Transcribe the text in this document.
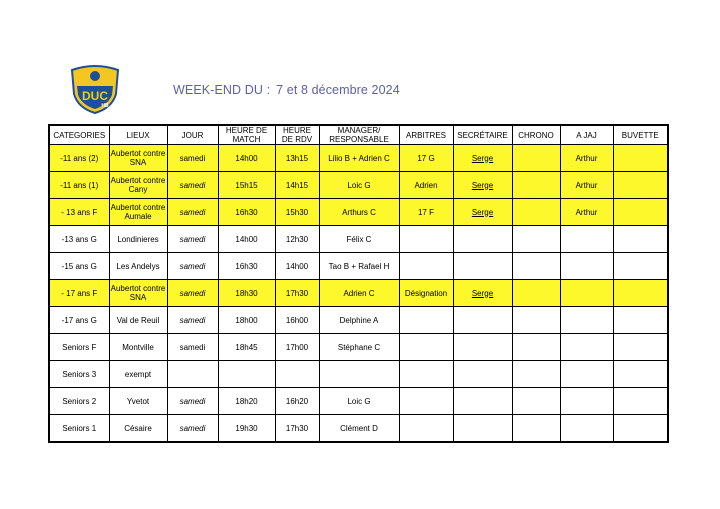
DUC
HB
WEEK-END DU : 7 et 8 décembre 2024
CATEGORIES	LIEUX	JOUR	HEURE DE MATCH	HEURE DE RDV	MANAGER/ RESPONSABLE	ARBITRES	SECRÉTAIRE	CHRONO	A JAJ	BUVETTE
-11 ans (2)	Aubertot contre SNA	samedi	14h00	13h15	Lilio B + Adrien C	17 G	Serge		Arthur	
-11 ans (1)	Aubertot contre Cany	samedi	15h15	14h15	Loic G	Adrien	Serge		Arthur	
- 13 ans F	Aubertot contre Aumale	samedi	16h30	15h30	Arthurs C	17 F	Serge		Arthur	
-13 ans G	Londinieres	samedi	14h00	12h30	Félix C					
-15 ans G	Les Andelys	samedi	16h30	14h00	Tao B + Rafael H					
- 17 ans F	Aubertot contre SNA	samedi	18h30	17h30	Adrien C	Désignation	Serge			
-17 ans G	Val de Reuil	samedi	18h00	16h00	Delphine A					
Seniors F	Montville	samedi	18h45	17h00	Stéphane C					
Seniors 3	exempt									
Seniors 2	Yvetot	samedi	18h20	16h20	Loic G					
Seniors 1	Césaire	samedi	19h30	17h30	Clément D					
